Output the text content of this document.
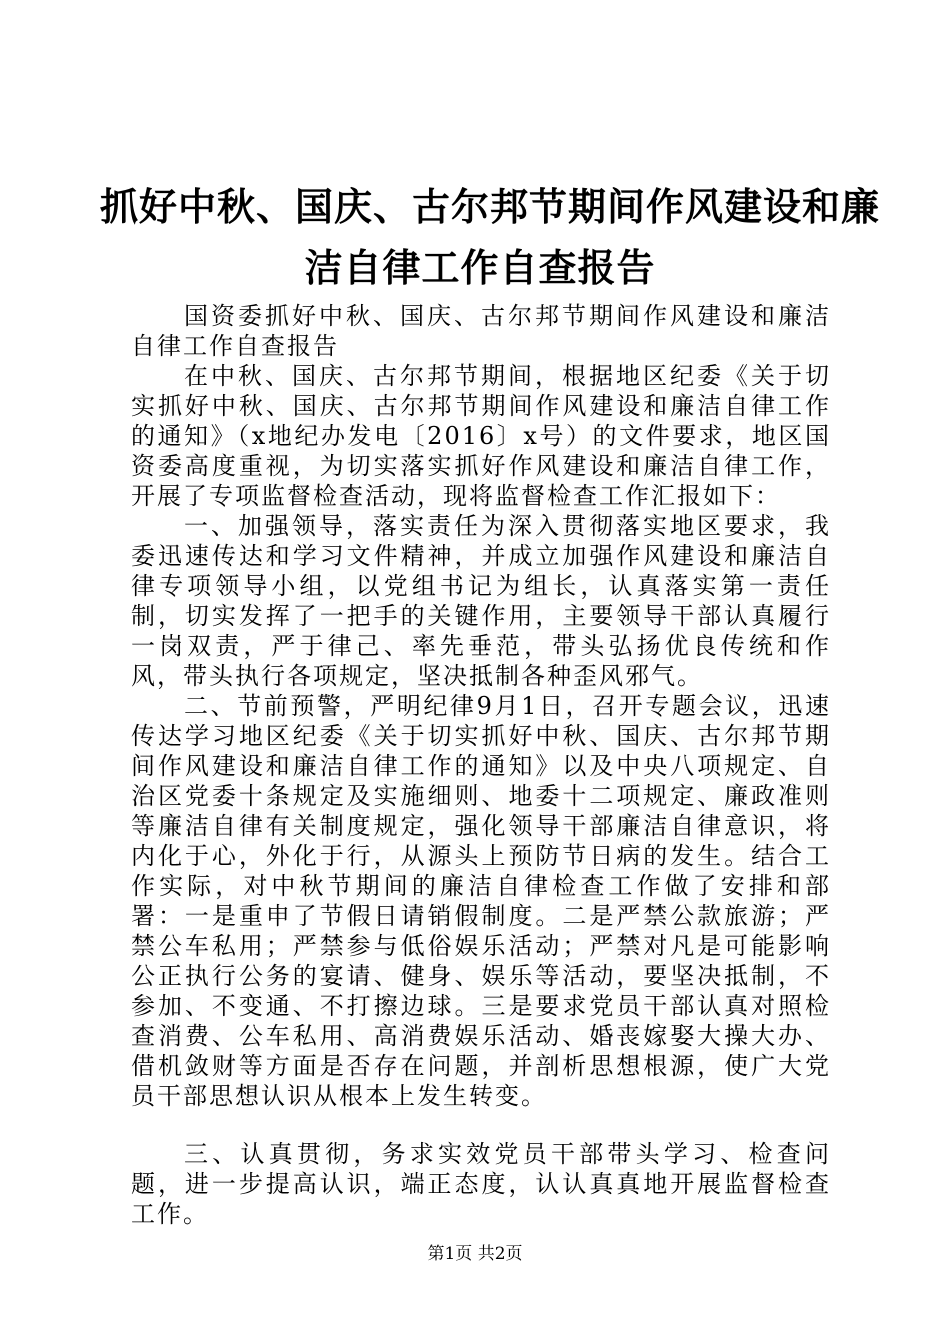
抓好中秋、国庆、古尔邦节期间作风建设和廉
洁自律工作自查报告

国资委抓好中秋、国庆、古尔邦节期间作风建设和廉洁自律工作自查报告

在中秋、国庆、古尔邦节期间，根据地区纪委《关于切实抓好中秋、国庆、古尔邦节期间作风建设和廉洁自律工作的通知》（x地纪办发电〔2016〕x号）的文件要求，地区国资委高度重视，为切实落实抓好作风建设和廉洁自律工作，开展了专项监督检查活动，现将监督检查工作汇报如下：

一、加强领导，落实责任为深入贯彻落实地区要求，我委迅速传达和学习文件精神，并成立加强作风建设和廉洁自律专项领导小组，以党组书记为组长，认真落实第一责任制，切实发挥了一把手的关键作用，主要领导干部认真履行一岗双责，严于律己、率先垂范，带头弘扬优良传统和作风，带头执行各项规定，坚决抵制各种歪风邪气。

二、节前预警，严明纪律9月1日，召开专题会议，迅速传达学习地区纪委《关于切实抓好中秋、国庆、古尔邦节期间作风建设和廉洁自律工作的通知》以及中央八项规定、自治区党委十条规定及实施细则、地委十二项规定、廉政准则等廉洁自律有关制度规定，强化领导干部廉洁自律意识，将内化于心，外化于行，从源头上预防节日病的发生。结合工作实际，对中秋节期间的廉洁自律检查工作做了安排和部署：一是重申了节假日请销假制度。二是严禁公款旅游；严禁公车私用；严禁参与低俗娱乐活动；严禁对凡是可能影响公正执行公务的宴请、健身、娱乐等活动，要坚决抵制，不参加、不变通、不打擦边球。三是要求党员干部认真对照检查消费、公车私用、高消费娱乐活动、婚丧嫁娶大操大办、借机敛财等方面是否存在问题，并剖析思想根源，使广大党员干部思想认识从根本上发生转变。

三、认真贯彻，务求实效党员干部带头学习、检查问题，进一步提高认识，端正态度，认认真真地开展监督检查工作。

第1页 共2页
